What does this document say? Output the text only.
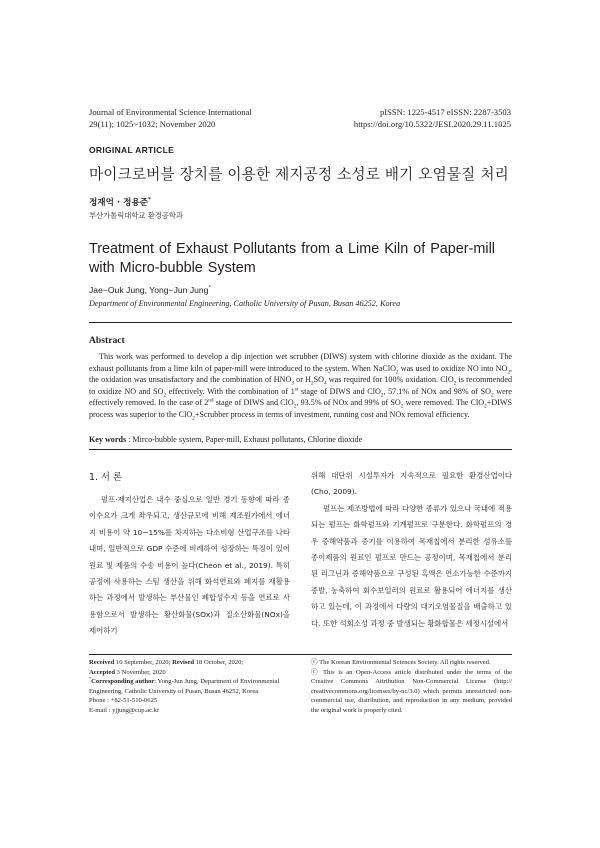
Journal of Environmental Science International
29(11); 1025~1032; November 2020
pISSN: 1225-4517 eISSN: 2287-3503
https://doi.org/10.5322/JESI.2020.29.11.1025
ORIGINAL ARTICLE
마이크로버블 장치를 이용한 제지공정 소성로 배기 오염물질 처리
정재억 · 정용준*
부산가톨릭대학교 환경공학과
Treatment of Exhaust Pollutants from a Lime Kiln of Paper-mill with Micro-bubble System
Jae−Ouk Jung, Yong−Jun Jung*
Department of Environmental Engineering, Catholic University of Pusan, Busan 46252, Korea
Abstract
This work was performed to develop a dip injection wet scrubber (DIWS) system with chlorine dioxide as the oxidant. The exhaust pollutants from a lime kiln of paper-mill were introduced to the system. When NaClO$_2$ was used to oxidize NO into $NO_2$, the oxidation was unsatisfactory and the combination of $HNO_3$ or $H_2SO_4$ was required for 100% oxidation. ClO$_2$ is recommended to oxidize NO and $SO_2$ effectively. With the combination of 1st stage of DIWS and ClO$_2$, 57.1% of NOx and 98% of $SO_2$ were effectively removed. In the case of 2nd stage of DIWS and ClO$_2$, 93.5% of NOx and 99% of $SO_2$ were removed. The ClO$_2$+DIWS process was superior to the ClO$_2$+Scrubber process in terms of investment, running cost and NOx removal efficiency.
Key words : Mirco-bubble system, Paper-mill, Exhaust pollutants, Chlorine dioxide
1. 서 론

펄프·제지산업은 내수 중심으로 일반 경기 동향에 따라 종이수요가 크게 좌우되고, 생산규모에 비해 제조원가에서 에너지 비용이 약 10~15%를 차지하는 다소비형 산업구조를 나타내며, 일반적으로 GDP 수준에 비례하여 성장하는 특징이 있어 원료 및 제품의 수송 비용이 높다(Cheon et al., 2019). 특히 공정에 사용하는 스팀 생산을 위해 화석연료와 폐지를 재활용하는 과정에서 발생하는 부산물인 폐합성수지 등을 연료로 사용함으로서 발생하는 황산화물(SOx)과 질소산화물(NOx)을 제어하기

위해 대단위 시설투자가 지속적으로 필요한 환경산업이다(Cho, 2009).

펄프는 제조방법에 따라 다양한 종류가 있으나 국내에 적용되는 펄프는 화학펄프와 기계펄프로 구분한다. 화학펄프의 경우 증해약품과 증기를 이용하여 목재칩에서 분리한 섬유소를 종이제품의 원료인 펄프로 만드는 공정이며, 목재칩에서 분리된 리그닌과 증해약품으로 구성된 흑액은 연소가능한 수준까지 증발, 농축하여 회수보일러의 원료로 활용되어 에너지를 생산하고 있는데, 이 과정에서 다량의 대기오염물질을 배출하고 있다. 또한 석회소성 과정 중 발생되는 황화합물은 세정시설에서

Received 10 September, 2020; Revised 18 October, 2020;
Accepted 3 November, 2020
*Corresponding author: Yong-Jun Jung, Department of Environmental Engineering, Catholic University of Pusan, Busan 46252, Korea
Phone : +82-51-510-0625
E-mail : yjjung@cup.ac.kr
ⓒ The Korean Environmental Sciences Society. All rights reserved.
ⓒ This is an Open-Access article distributed under the terms of the Creative Commons Attribution Non-Commercial License (http:// creativecommons.org/licenses/by-nc/3.0) which permits unrestricted non-commercial use, distribution, and reproduction in any medium, provided the original work is properly cited.
